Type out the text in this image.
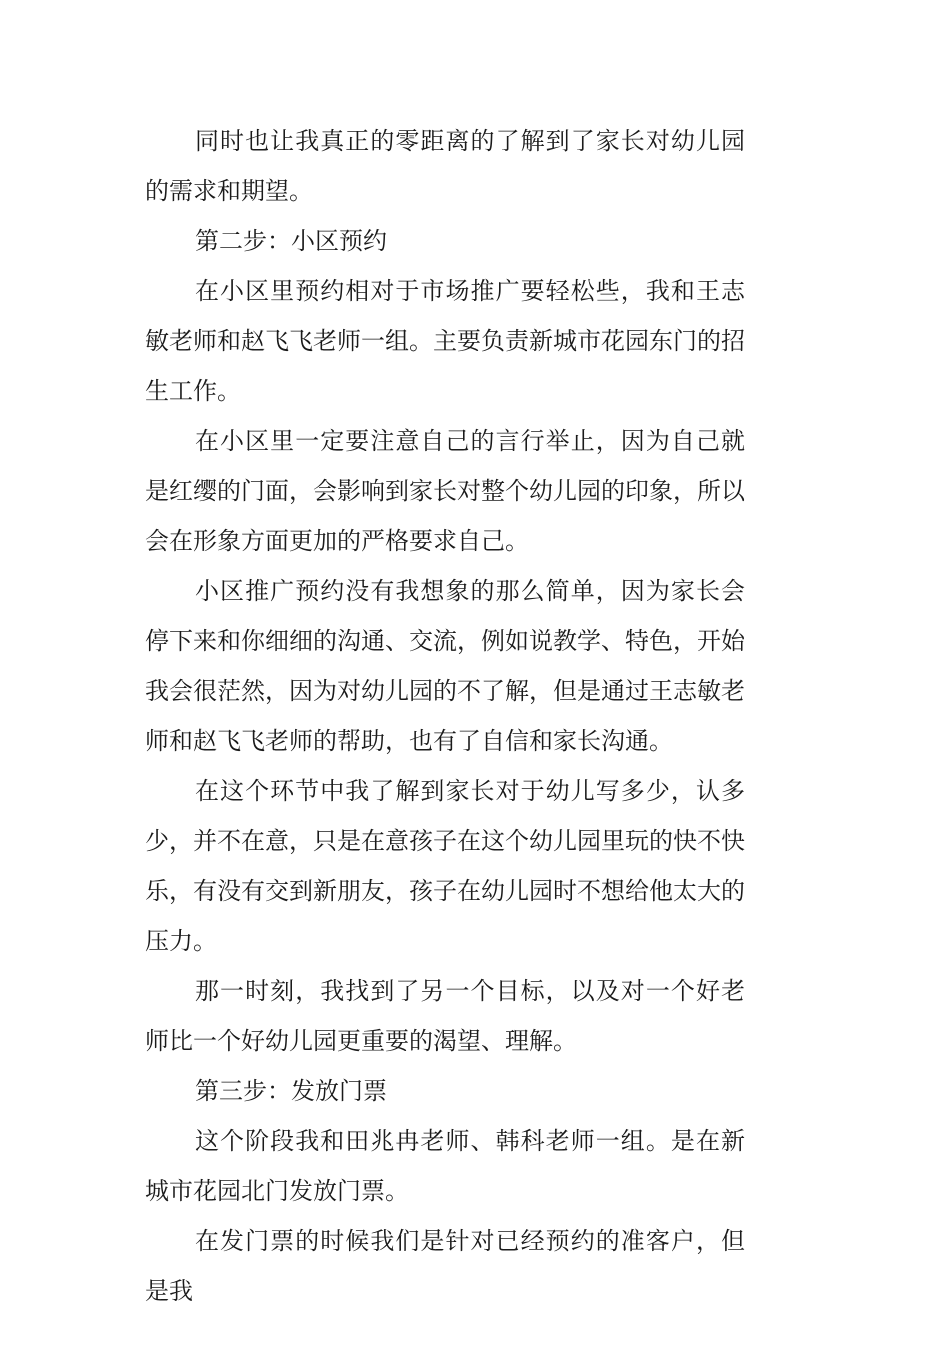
同时也让我真正的零距离的了解到了家长对幼儿园的需求和期望。

第二步：小区预约

在小区里预约相对于市场推广要轻松些，我和王志敏老师和赵飞飞老师一组。主要负责新城市花园东门的招生工作。

在小区里一定要注意自己的言行举止，因为自己就是红缨的门面，会影响到家长对整个幼儿园的印象，所以会在形象方面更加的严格要求自己。

小区推广预约没有我想象的那么简单，因为家长会停下来和你细细的沟通、交流，例如说教学、特色，开始我会很茫然，因为对幼儿园的不了解，但是通过王志敏老师和赵飞飞老师的帮助，也有了自信和家长沟通。

在这个环节中我了解到家长对于幼儿写多少，认多少，并不在意，只是在意孩子在这个幼儿园里玩的快不快乐，有没有交到新朋友，孩子在幼儿园时不想给他太大的压力。

那一时刻，我找到了另一个目标，以及对一个好老师比一个好幼儿园更重要的渴望、理解。

第三步：发放门票

这个阶段我和田兆冉老师、韩科老师一组。是在新城市花园北门发放门票。

在发门票的时候我们是针对已经预约的准客户，但是我
